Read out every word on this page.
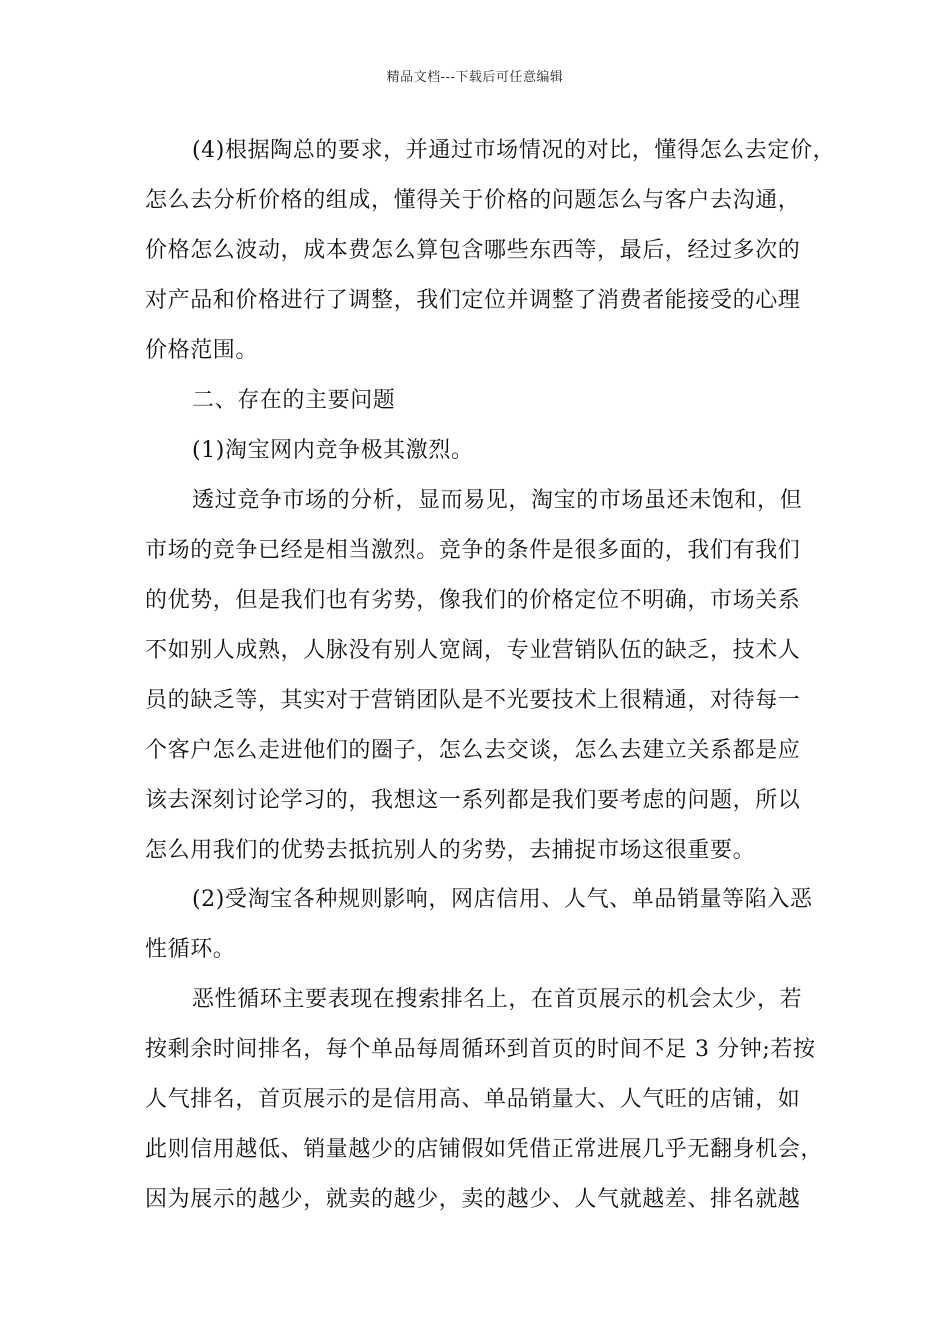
精品文档---下载后可任意编辑
(4)根据陶总的要求，并通过市场情况的对比，懂得怎么去定价，
怎么去分析价格的组成，懂得关于价格的问题怎么与客户去沟通，
价格怎么波动，成本费怎么算包含哪些东西等，最后，经过多次的
对产品和价格进行了调整，我们定位并调整了消费者能接受的心理
价格范围。
二、存在的主要问题
(1)淘宝网内竞争极其激烈。
透过竞争市场的分析，显而易见，淘宝的市场虽还未饱和，但
市场的竞争已经是相当激烈。竞争的条件是很多面的，我们有我们
的优势，但是我们也有劣势，像我们的价格定位不明确，市场关系
不如别人成熟，人脉没有别人宽阔，专业营销队伍的缺乏，技术人
员的缺乏等，其实对于营销团队是不光要技术上很精通，对待每一
个客户怎么走进他们的圈子，怎么去交谈，怎么去建立关系都是应
该去深刻讨论学习的，我想这一系列都是我们要考虑的问题，所以
怎么用我们的优势去抵抗别人的劣势，去捕捉市场这很重要。
(2)受淘宝各种规则影响，网店信用、人气、单品销量等陷入恶
性循环。
恶性循环主要表现在搜索排名上，在首页展示的机会太少，若
按剩余时间排名，每个单品每周循环到首页的时间不足 3 分钟;若按
人气排名，首页展示的是信用高、单品销量大、人气旺的店铺，如
此则信用越低、销量越少的店铺假如凭借正常进展几乎无翻身机会，
因为展示的越少，就卖的越少，卖的越少、人气就越差、排名就越
